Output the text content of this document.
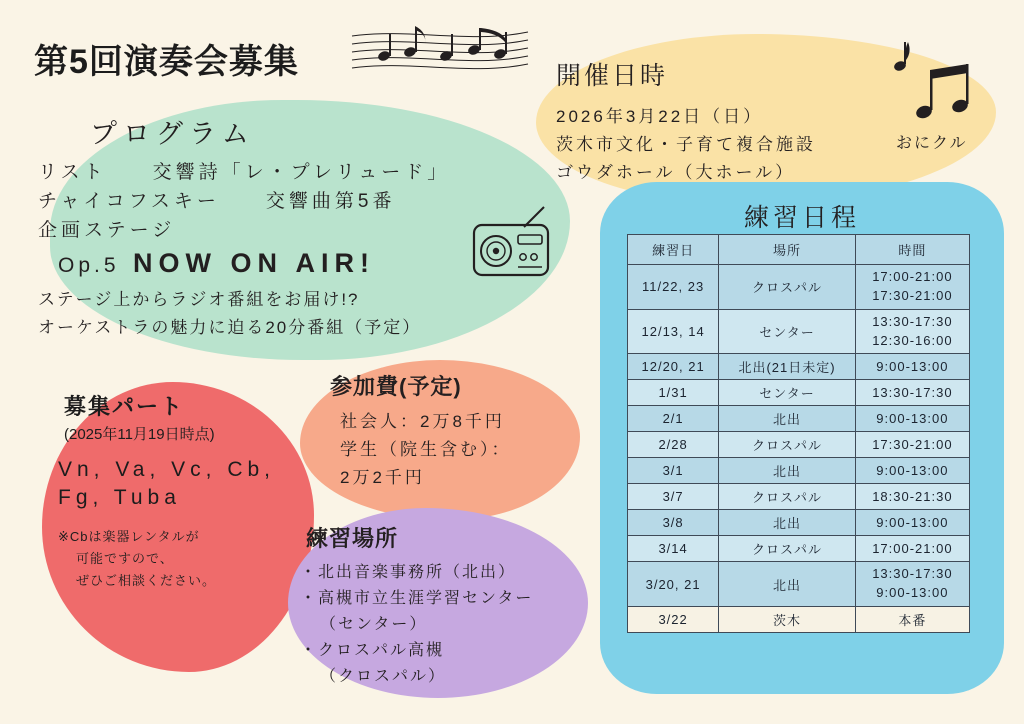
第5回演奏会募集
プログラム
リスト　　交響詩「レ・プレリュード」
チャイコフスキー　　交響曲第5番
企画ステージ
Op.5 NOW ON AIR!
ステージ上からラジオ番組をお届け!?
オーケストラの魅力に迫る20分番組（予定）
開催日時
2026年3月22日（日）
茨木市文化・子育て複合施設
ゴウダホール（大ホール）
おにクル
練習日程
練習日	場所	時間
11/22, 23	クロスパル	17:00-21:00
17:30-21:00

12/13, 14	センター	13:30-17:30
12:30-16:00

12/20, 21	北出(21日未定)	9:00-13:00
1/31	センター	13:30-17:30
2/1	北出	9:00-13:00
2/28	クロスパル	17:30-21:00
3/1	北出	9:00-13:00
3/7	クロスパル	18:30-21:30
3/8	北出	9:00-13:00
3/14	クロスパル	17:00-21:00
3/20, 21	北出	13:30-17:30
9:00-13:00

3/22	茨木	本番
募集パート
(2025年11月19日時点)
Vn, Va, Vc, Cb,
Fg, Tuba
※Cbは楽器レンタルが
可能ですので、
ぜひご相談ください。
参加費(予定)
社会人：2万8千円
学生（院生含む）：
2万2千円
練習場所
・北出音楽事務所（北出）
・高槻市立生涯学習センター
（センター）
・クロスパル高槻
（クロスパル）
